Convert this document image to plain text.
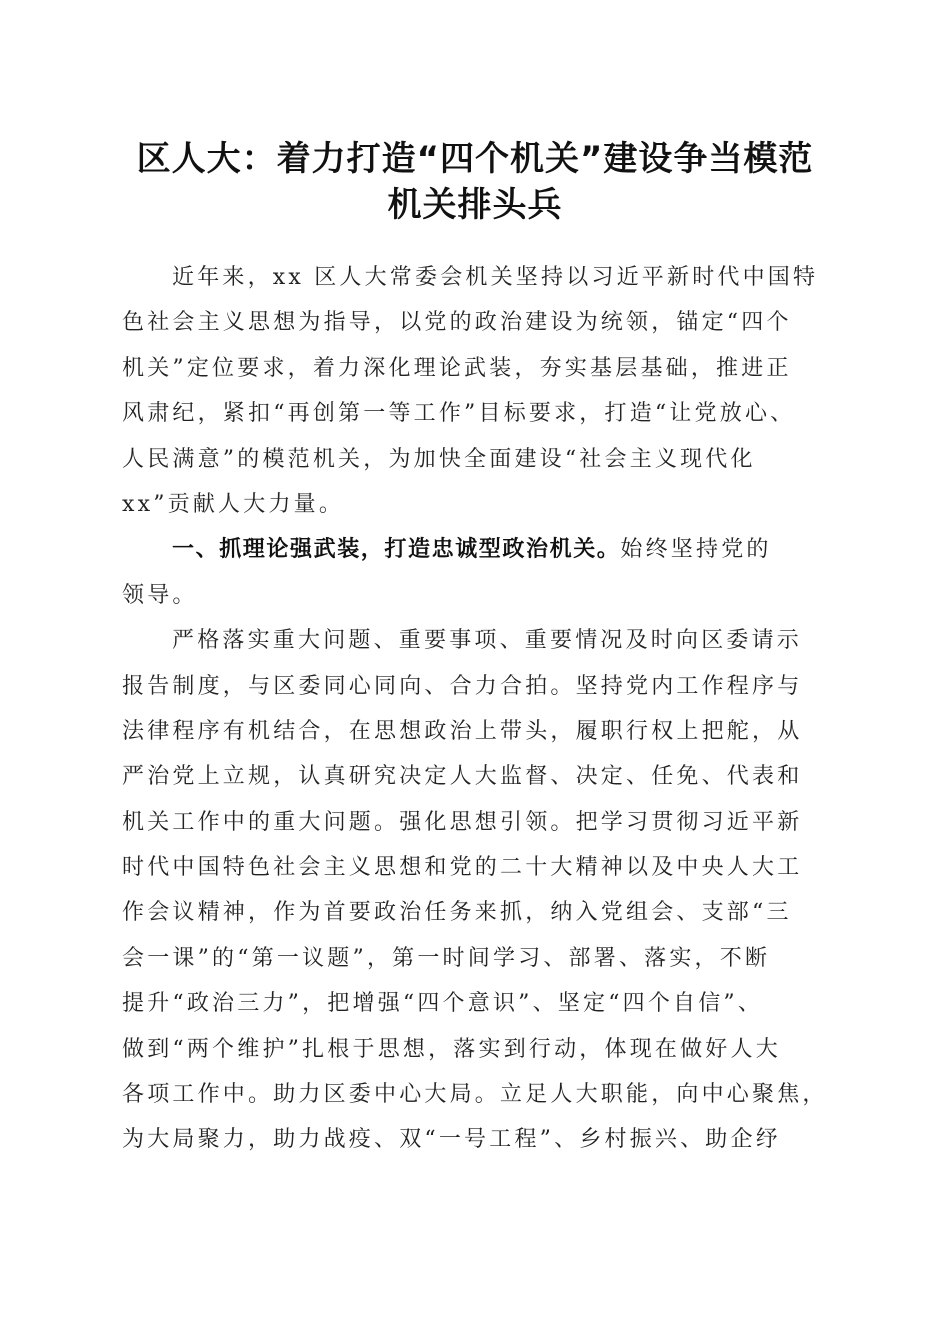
区人大：着力打造“四个机关”建设争当模范
机关排头兵
近年来，xx 区人大常委会机关坚持以习近平新时代中国特
色社会主义思想为指导，以党的政治建设为统领，锚定“四个
机关”定位要求，着力深化理论武装，夯实基层基础，推进正
风肃纪，紧扣“再创第一等工作”目标要求，打造“让党放心、
人民满意”的模范机关，为加快全面建设“社会主义现代化
xx”贡献人大力量。
一、抓理论强武装，打造忠诚型政治机关。始终坚持党的
领导。
严格落实重大问题、重要事项、重要情况及时向区委请示
报告制度，与区委同心同向、合力合拍。坚持党内工作程序与
法律程序有机结合，在思想政治上带头，履职行权上把舵，从
严治党上立规，认真研究决定人大监督、决定、任免、代表和
机关工作中的重大问题。强化思想引领。把学习贯彻习近平新
时代中国特色社会主义思想和党的二十大精神以及中央人大工
作会议精神，作为首要政治任务来抓，纳入党组会、支部“三
会一课”的“第一议题”，第一时间学习、部署、落实，不断
提升“政治三力”，把增强“四个意识”、坚定“四个自信”、
做到“两个维护”扎根于思想，落实到行动，体现在做好人大
各项工作中。助力区委中心大局。立足人大职能，向中心聚焦，
为大局聚力，助力战疫、双“一号工程”、乡村振兴、助企纾
